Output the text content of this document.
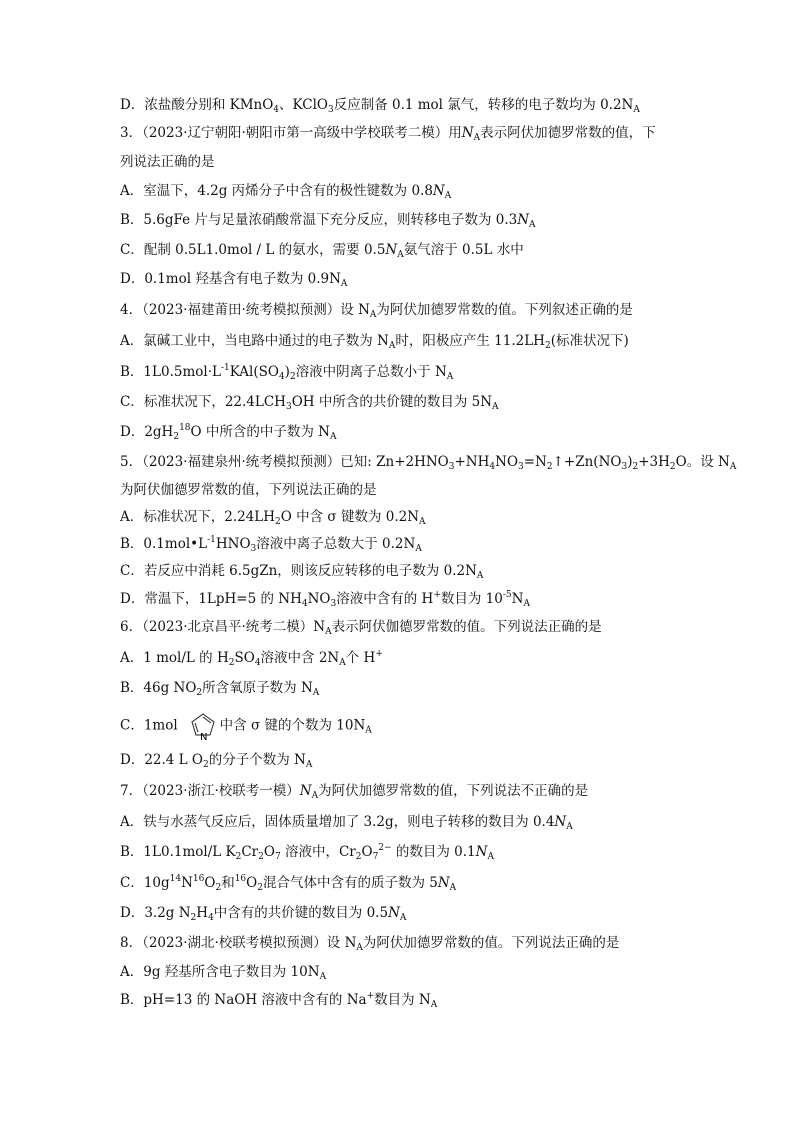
D．浓盐酸分别和 KMnO$_4$、KClO$_3$反应制备 0.1 mol 氯气，转移的电子数均为 $0.2N_A$
3．（2023·辽宁朝阳·朝阳市第一高级中学校联考二模）用$N_A$表示阿伏加德罗常数的值，下
列说法正确的是
A．室温下，4.2g 丙烯分子中含有的极性键数为 $0.8N_A$
B．5.6gFe 片与足量浓硝酸常温下充分反应，则转移电子数为 $0.3N_A$
C．配制 0.5L1.0mol / L 的氨水，需要 $0.5N_A$氨气溶于 0.5L 水中
D．0.1mol 羟基含有电子数为 $0.9N_A$
4．（2023·福建莆田·统考模拟预测）设 $N_A$为阿伏加德罗常数的值。下列叙述正确的是
A．氯碱工业中，当电路中通过的电子数为 $N_A$时，阳极应产生 $11.2LH_2$(标准状况下)
B．$1L0.5mol\cdot L^{-1}KAl(SO_4)_2$溶液中阴离子总数小于 $N_A$
C．标准状况下，$22.4LCH_3OH$ 中所含的共价键的数目为 $5N_A$
D．$2gH_2^{18}O$ 中所含的中子数为 $N_A$
5．（2023·福建泉州·统考模拟预测）已知: $Zn+2HNO_3+NH_4NO_3=N_2↑+Zn(NO_3)_2+3H_2O$。设 $N_A$
为阿伏伽德罗常数的值，下列说法正确的是
A．标准状况下，$2.24LH_2O$ 中含 σ 键数为 $0.2N_A$
B．$0.1mol•L^{-1}HNO_3$溶液中离子总数大于 $0.2N_A$
C．若反应中消耗 6.5gZn，则该反应转移的电子数为 $0.2N_A$
D．常温下，1LpH=5 的 $NH_4NO_3$溶液中含有的 H+数目为 $10^{-5}N_A$
6．（2023·北京昌平·统考二模）$N_A$表示阿伏伽德罗常数的值。下列说法正确的是
A．1 mol/L 的 $H_2SO_4$溶液中含 $2N_A$个 H+
B．46g $NO_2$所含氧原子数为 $N_A$
C．1mol
N
中含 σ 键的个数为 $10N_A$
D．22.4 L $O_2$的分子个数为 $N_A$
7．（2023·浙江·校联考一模）$N_A$为阿伏加德罗常数的值，下列说法不正确的是
A．铁与水蒸气反应后，固体质量增加了 3.2g，则电子转移的数目为 $0.4N_A$
B．1L0.1mol/L $K_2Cr_2O_7$ 溶液中，$Cr_2O_7^{2-}$ 的数目为 $0.1N_A$
C．$10g^{14}N^{16}O_2$和$^{16}O_2$混合气体中含有的质子数为 $5N_A$
D．3.2g $N_2H_4$中含有的共价键的数目为 $0.5N_A$
8．（2023·湖北·校联考模拟预测）设 $N_A$为阿伏加德罗常数的值。下列说法正确的是
A．9g 羟基所含电子数目为 $10N_A$
B．pH=13 的 NaOH 溶液中含有的 Na+数目为 $N_A$
